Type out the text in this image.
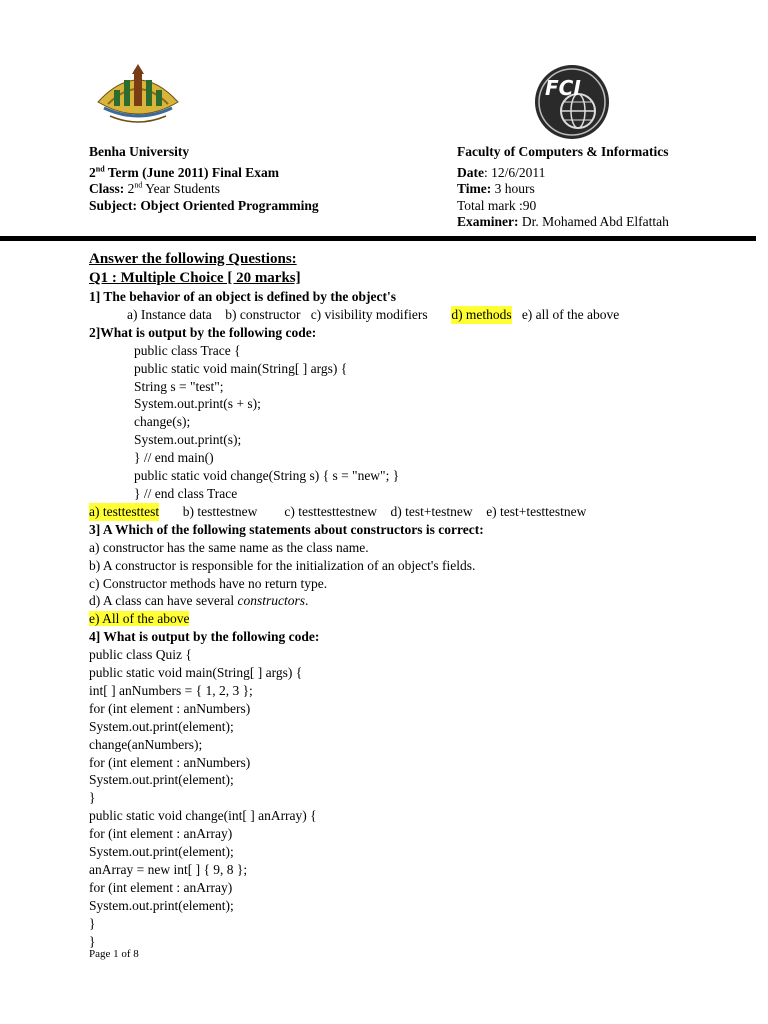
FCI
Benha University
2nd Term (June 2011) Final Exam
Class: 2nd Year Students
Subject: Object Oriented Programming
Faculty of Computers & Informatics
Date: 12/6/2011
Time: 3 hours
Total mark :90
Examiner: Dr. Mohamed Abd Elfattah
Answer the following Questions:
Q1 : Multiple Choice [ 20 marks]
1] The behavior of an object is defined by the object's
a) Instance data b) constructor c) visibility modifiers d) methods e) all of the above
2]What is output by the following code:
public class Trace {
public static void main(String[ ] args) {
String s = "test";
System.out.print(s + s);
change(s);
System.out.print(s);
} // end main()
public static void change(String s) { s = "new"; }
} // end class Trace
a) testtesttest b) testtestnew c) testtesttestnew d) test+testnew e) test+testtestnew
3] A Which of the following statements about constructors is correct:
a) constructor has the same name as the class name.
b) A constructor is responsible for the initialization of an object's fields.
c) Constructor methods have no return type.
d) A class can have several constructors.
e) All of the above
4] What is output by the following code:
public class Quiz {
public static void main(String[ ] args) {
int[ ] anNumbers = { 1, 2, 3 };
for (int element : anNumbers)
System.out.print(element);
change(anNumbers);
for (int element : anNumbers)
System.out.print(element);
}
public static void change(int[ ] anArray) {
for (int element : anArray)
System.out.print(element);
anArray = new int[ ] { 9, 8 };
for (int element : anArray)
System.out.print(element);
}
}
Page 1 of 8
